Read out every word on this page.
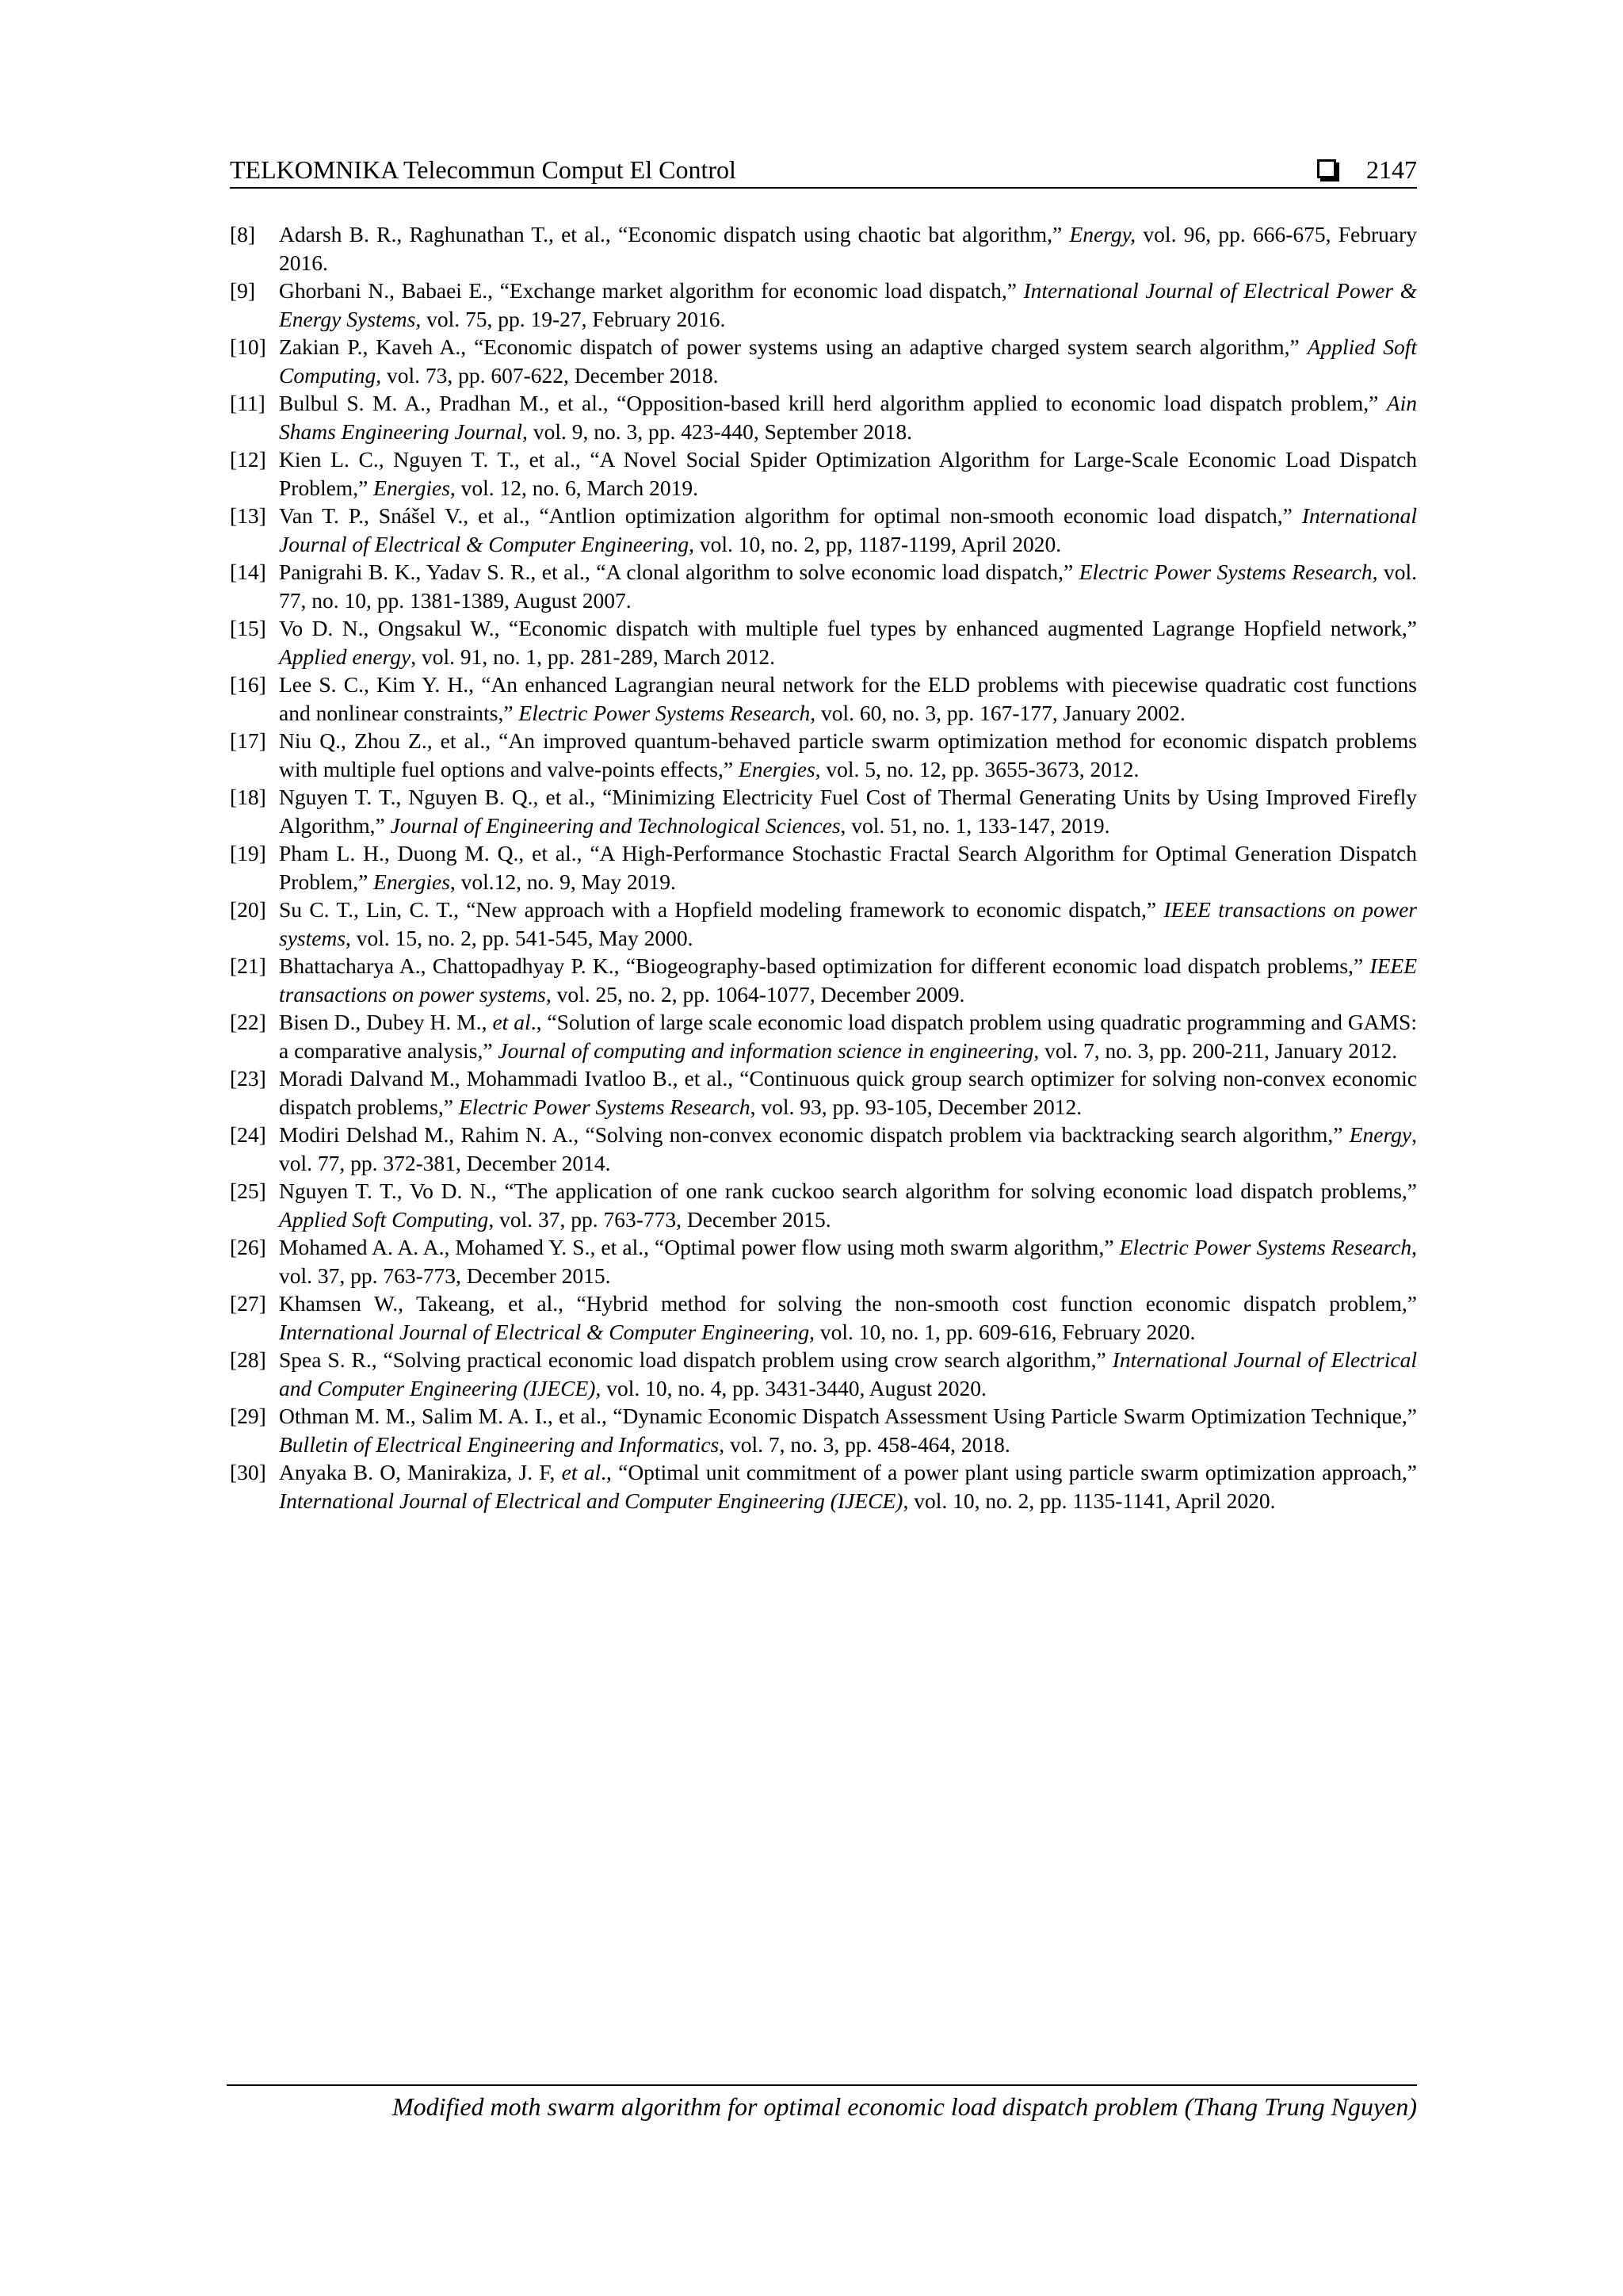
TELKOMNIKA Telecommun Comput El Control	2147
[8] Adarsh B. R., Raghunathan T., et al., “Economic dispatch using chaotic bat algorithm,” Energy, vol. 96, pp. 666-675, February 2016.
[9] Ghorbani N., Babaei E., “Exchange market algorithm for economic load dispatch,” International Journal of Electrical Power & Energy Systems, vol. 75, pp. 19-27, February 2016.
[10] Zakian P., Kaveh A., “Economic dispatch of power systems using an adaptive charged system search algorithm,” Applied Soft Computing, vol. 73, pp. 607-622, December 2018.
[11] Bulbul S. M. A., Pradhan M., et al., “Opposition-based krill herd algorithm applied to economic load dispatch problem,” Ain Shams Engineering Journal, vol. 9, no. 3, pp. 423-440, September 2018.
[12] Kien L. C., Nguyen T. T., et al., “A Novel Social Spider Optimization Algorithm for Large-Scale Economic Load Dispatch Problem,” Energies, vol. 12, no. 6, March 2019.
[13] Van T. P., Snášel V., et al., “Antlion optimization algorithm for optimal non-smooth economic load dispatch,” International Journal of Electrical & Computer Engineering, vol. 10, no. 2, pp, 1187-1199, April 2020.
[14] Panigrahi B. K., Yadav S. R., et al., “A clonal algorithm to solve economic load dispatch,” Electric Power Systems Research, vol. 77, no. 10, pp. 1381-1389, August 2007.
[15] Vo D. N., Ongsakul W., “Economic dispatch with multiple fuel types by enhanced augmented Lagrange Hopfield network,” Applied energy, vol. 91, no. 1, pp. 281-289, March 2012.
[16] Lee S. C., Kim Y. H., “An enhanced Lagrangian neural network for the ELD problems with piecewise quadratic cost functions and nonlinear constraints,” Electric Power Systems Research, vol. 60, no. 3, pp. 167-177, January 2002.
[17] Niu Q., Zhou Z., et al., “An improved quantum-behaved particle swarm optimization method for economic dispatch problems with multiple fuel options and valve-points effects,” Energies, vol. 5, no. 12, pp. 3655-3673, 2012.
[18] Nguyen T. T., Nguyen B. Q., et al., “Minimizing Electricity Fuel Cost of Thermal Generating Units by Using Improved Firefly Algorithm,” Journal of Engineering and Technological Sciences, vol. 51, no. 1, 133-147, 2019.
[19] Pham L. H., Duong M. Q., et al., “A High-Performance Stochastic Fractal Search Algorithm for Optimal Generation Dispatch Problem,” Energies, vol.12, no. 9, May 2019.
[20] Su C. T., Lin, C. T., “New approach with a Hopfield modeling framework to economic dispatch,” IEEE transactions on power systems, vol. 15, no. 2, pp. 541-545, May 2000.
[21] Bhattacharya A., Chattopadhyay P. K., “Biogeography-based optimization for different economic load dispatch problems,” IEEE transactions on power systems, vol. 25, no. 2, pp. 1064-1077, December 2009.
[22] Bisen D., Dubey H. M., et al., “Solution of large scale economic load dispatch problem using quadratic programming and GAMS: a comparative analysis,” Journal of computing and information science in engineering, vol. 7, no. 3, pp. 200-211, January 2012.
[23] Moradi Dalvand M., Mohammadi Ivatloo B., et al., “Continuous quick group search optimizer for solving non-convex economic dispatch problems,” Electric Power Systems Research, vol. 93, pp. 93-105, December 2012.
[24] Modiri Delshad M., Rahim N. A., “Solving non-convex economic dispatch problem via backtracking search algorithm,” Energy, vol. 77, pp. 372-381, December 2014.
[25] Nguyen T. T., Vo D. N., “The application of one rank cuckoo search algorithm for solving economic load dispatch problems,” Applied Soft Computing, vol. 37, pp. 763-773, December 2015.
[26] Mohamed A. A. A., Mohamed Y. S., et al., “Optimal power flow using moth swarm algorithm,” Electric Power Systems Research, vol. 37, pp. 763-773, December 2015.
[27] Khamsen W., Takeang, et al., “Hybrid method for solving the non-smooth cost function economic dispatch problem,” International Journal of Electrical & Computer Engineering, vol. 10, no. 1, pp. 609-616, February 2020.
[28] Spea S. R., “Solving practical economic load dispatch problem using crow search algorithm,” International Journal of Electrical and Computer Engineering (IJECE), vol. 10, no. 4, pp. 3431-3440, August 2020.
[29] Othman M. M., Salim M. A. I., et al., “Dynamic Economic Dispatch Assessment Using Particle Swarm Optimization Technique,” Bulletin of Electrical Engineering and Informatics, vol. 7, no. 3, pp. 458-464, 2018.
[30] Anyaka B. O, Manirakiza, J. F, et al., “Optimal unit commitment of a power plant using particle swarm optimization approach,” International Journal of Electrical and Computer Engineering (IJECE), vol. 10, no. 2, pp. 1135-1141, April 2020.
Modified moth swarm algorithm for optimal economic load dispatch problem (Thang Trung Nguyen)
